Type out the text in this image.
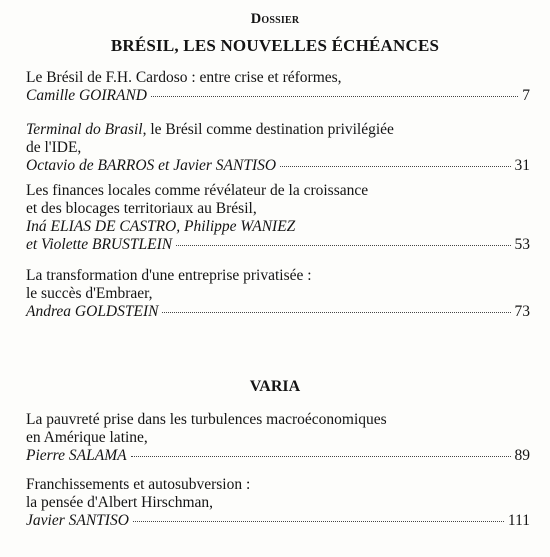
Dossier
BRÉSIL, LES NOUVELLES ÉCHÉANCES
Le Brésil de F.H. Cardoso : entre crise et réformes,
Camille GOIRAND	7
Terminal do Brasil, le Brésil comme destination privilégiée
de l'IDE,
Octavio de BARROS et Javier SANTISO	31
Les finances locales comme révélateur de la croissance
et des blocages territoriaux au Brésil,
Iná ELIAS DE CASTRO, Philippe WANIEZ
et Violette BRUSTLEIN	53
La transformation d'une entreprise privatisée :
le succès d'Embraer,
Andrea GOLDSTEIN	73
VARIA
La pauvreté prise dans les turbulences macroéconomiques
en Amérique latine,
Pierre SALAMA	89
Franchissements et autosubversion :
la pensée d'Albert Hirschman,
Javier SANTISO	111
